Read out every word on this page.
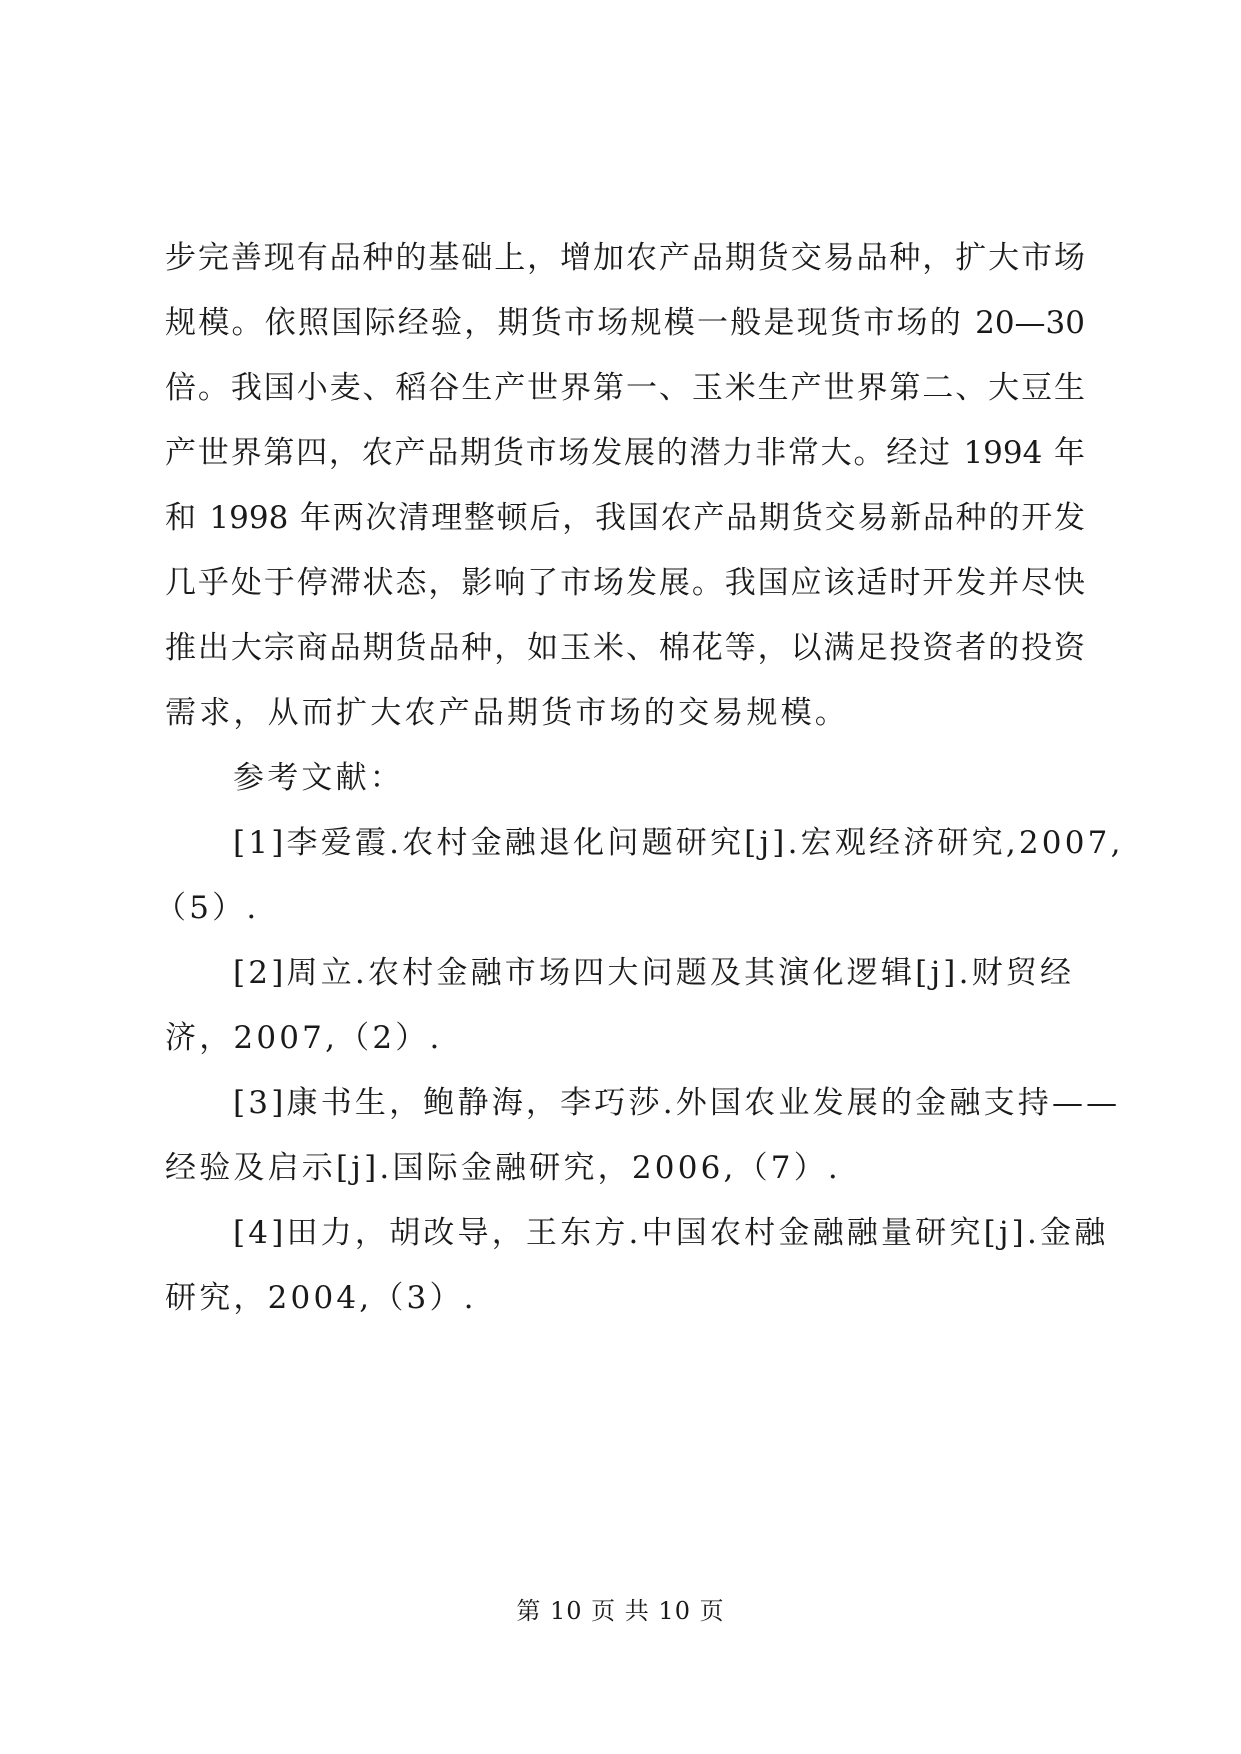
步完善现有品种的基础上，增加农产品期货交易品种，扩大市场
规模。依照国际经验，期货市场规模一般是现货市场的 20—30
倍。我国小麦、稻谷生产世界第一、玉米生产世界第二、大豆生
产世界第四，农产品期货市场发展的潜力非常大。经过 1994 年
和 1998 年两次清理整顿后，我国农产品期货交易新品种的开发
几乎处于停滞状态，影响了市场发展。我国应该适时开发并尽快
推出大宗商品期货品种，如玉米、棉花等，以满足投资者的投资
需求，从而扩大农产品期货市场的交易规模。
参考文献：
[1]李爱霞.农村金融退化问题研究[j].宏观经济研究,2007,
（5）.
[2]周立.农村金融市场四大问题及其演化逻辑[j].财贸经
济，2007,（2）.
[3]康书生，鲍静海，李巧莎.外国农业发展的金融支持——
经验及启示[j].国际金融研究，2006,（7）.
[4]田力，胡改导，王东方.中国农村金融融量研究[j].金融
研究，2004,（3）.
第 10 页 共 10 页
